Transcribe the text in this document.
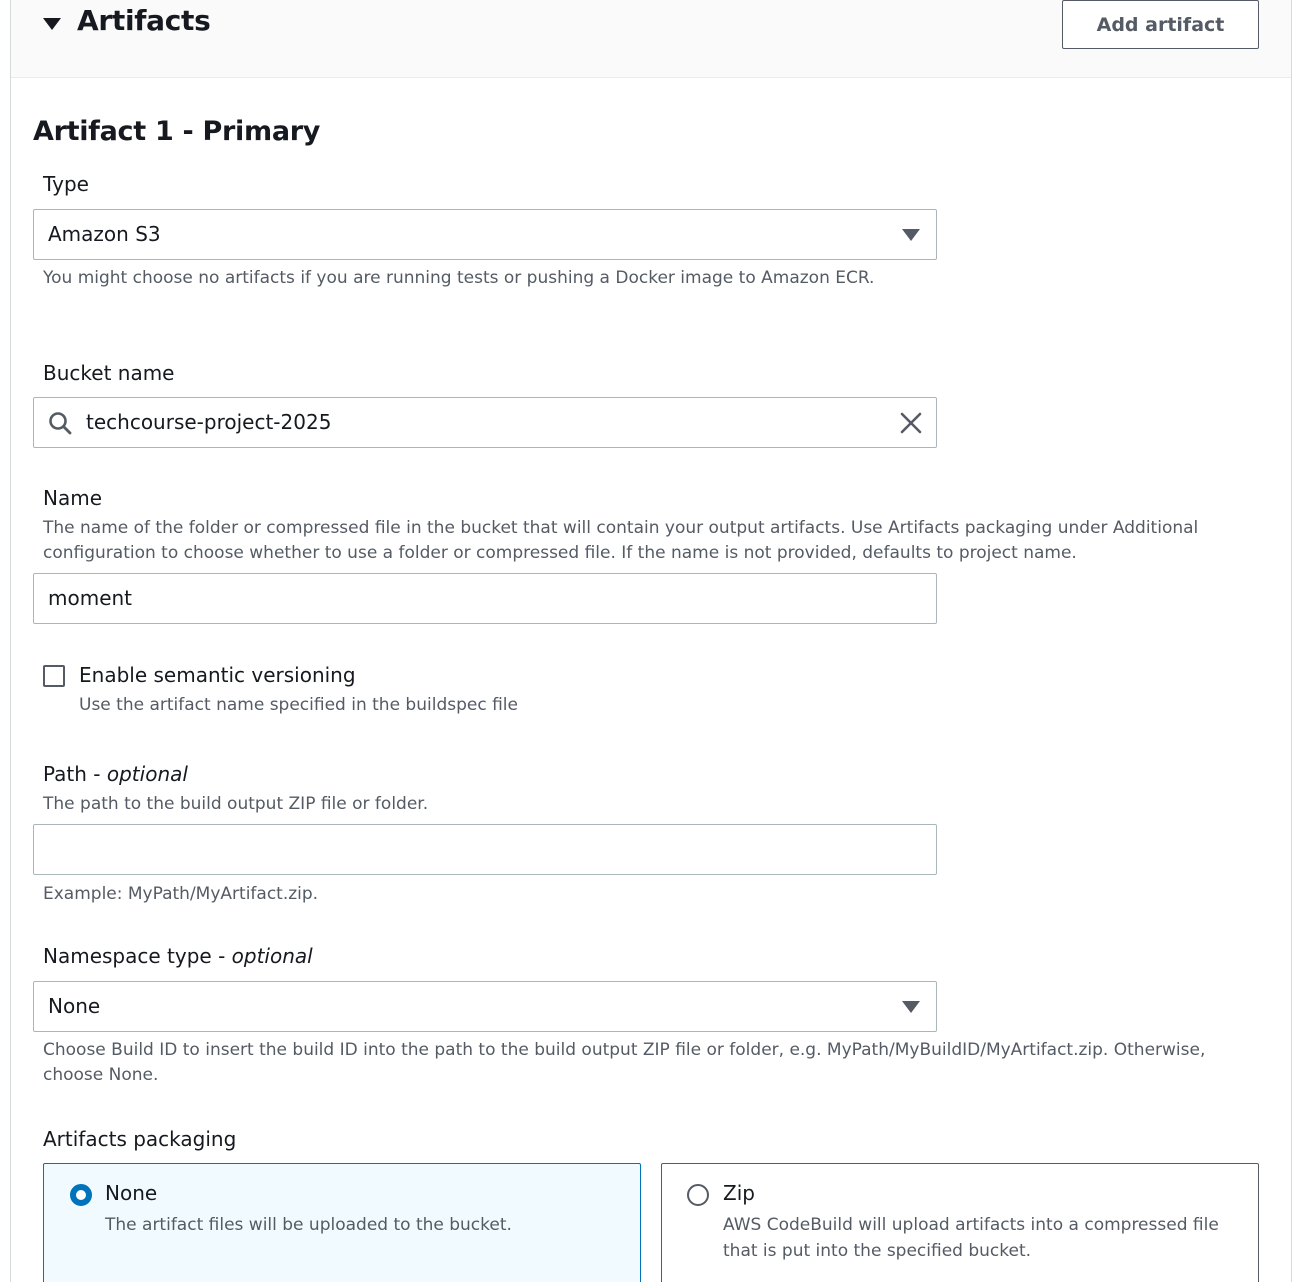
Artifacts	Add artifact
Artifact 1 - Primary
Type
Amazon S3
You might choose no artifacts if you are running tests or pushing a Docker image to Amazon ECR.
Bucket name
techcourse-project-2025
Name
The name of the folder or compressed file in the bucket that will contain your output artifacts. Use Artifacts packaging under Additional configuration to choose whether to use a folder or compressed file. If the name is not provided, defaults to project name.
moment
Enable semantic versioning
Use the artifact name specified in the buildspec file
Path - optional
The path to the build output ZIP file or folder.
Example: MyPath/MyArtifact.zip.
Namespace type - optional
None
Choose Build ID to insert the build ID into the path to the build output ZIP file or folder, e.g. MyPath/MyBuildID/MyArtifact.zip. Otherwise, choose None.
Artifacts packaging
None
The artifact files will be uploaded to the bucket.
Zip
AWS CodeBuild will upload artifacts into a compressed file that is put into the specified bucket.
